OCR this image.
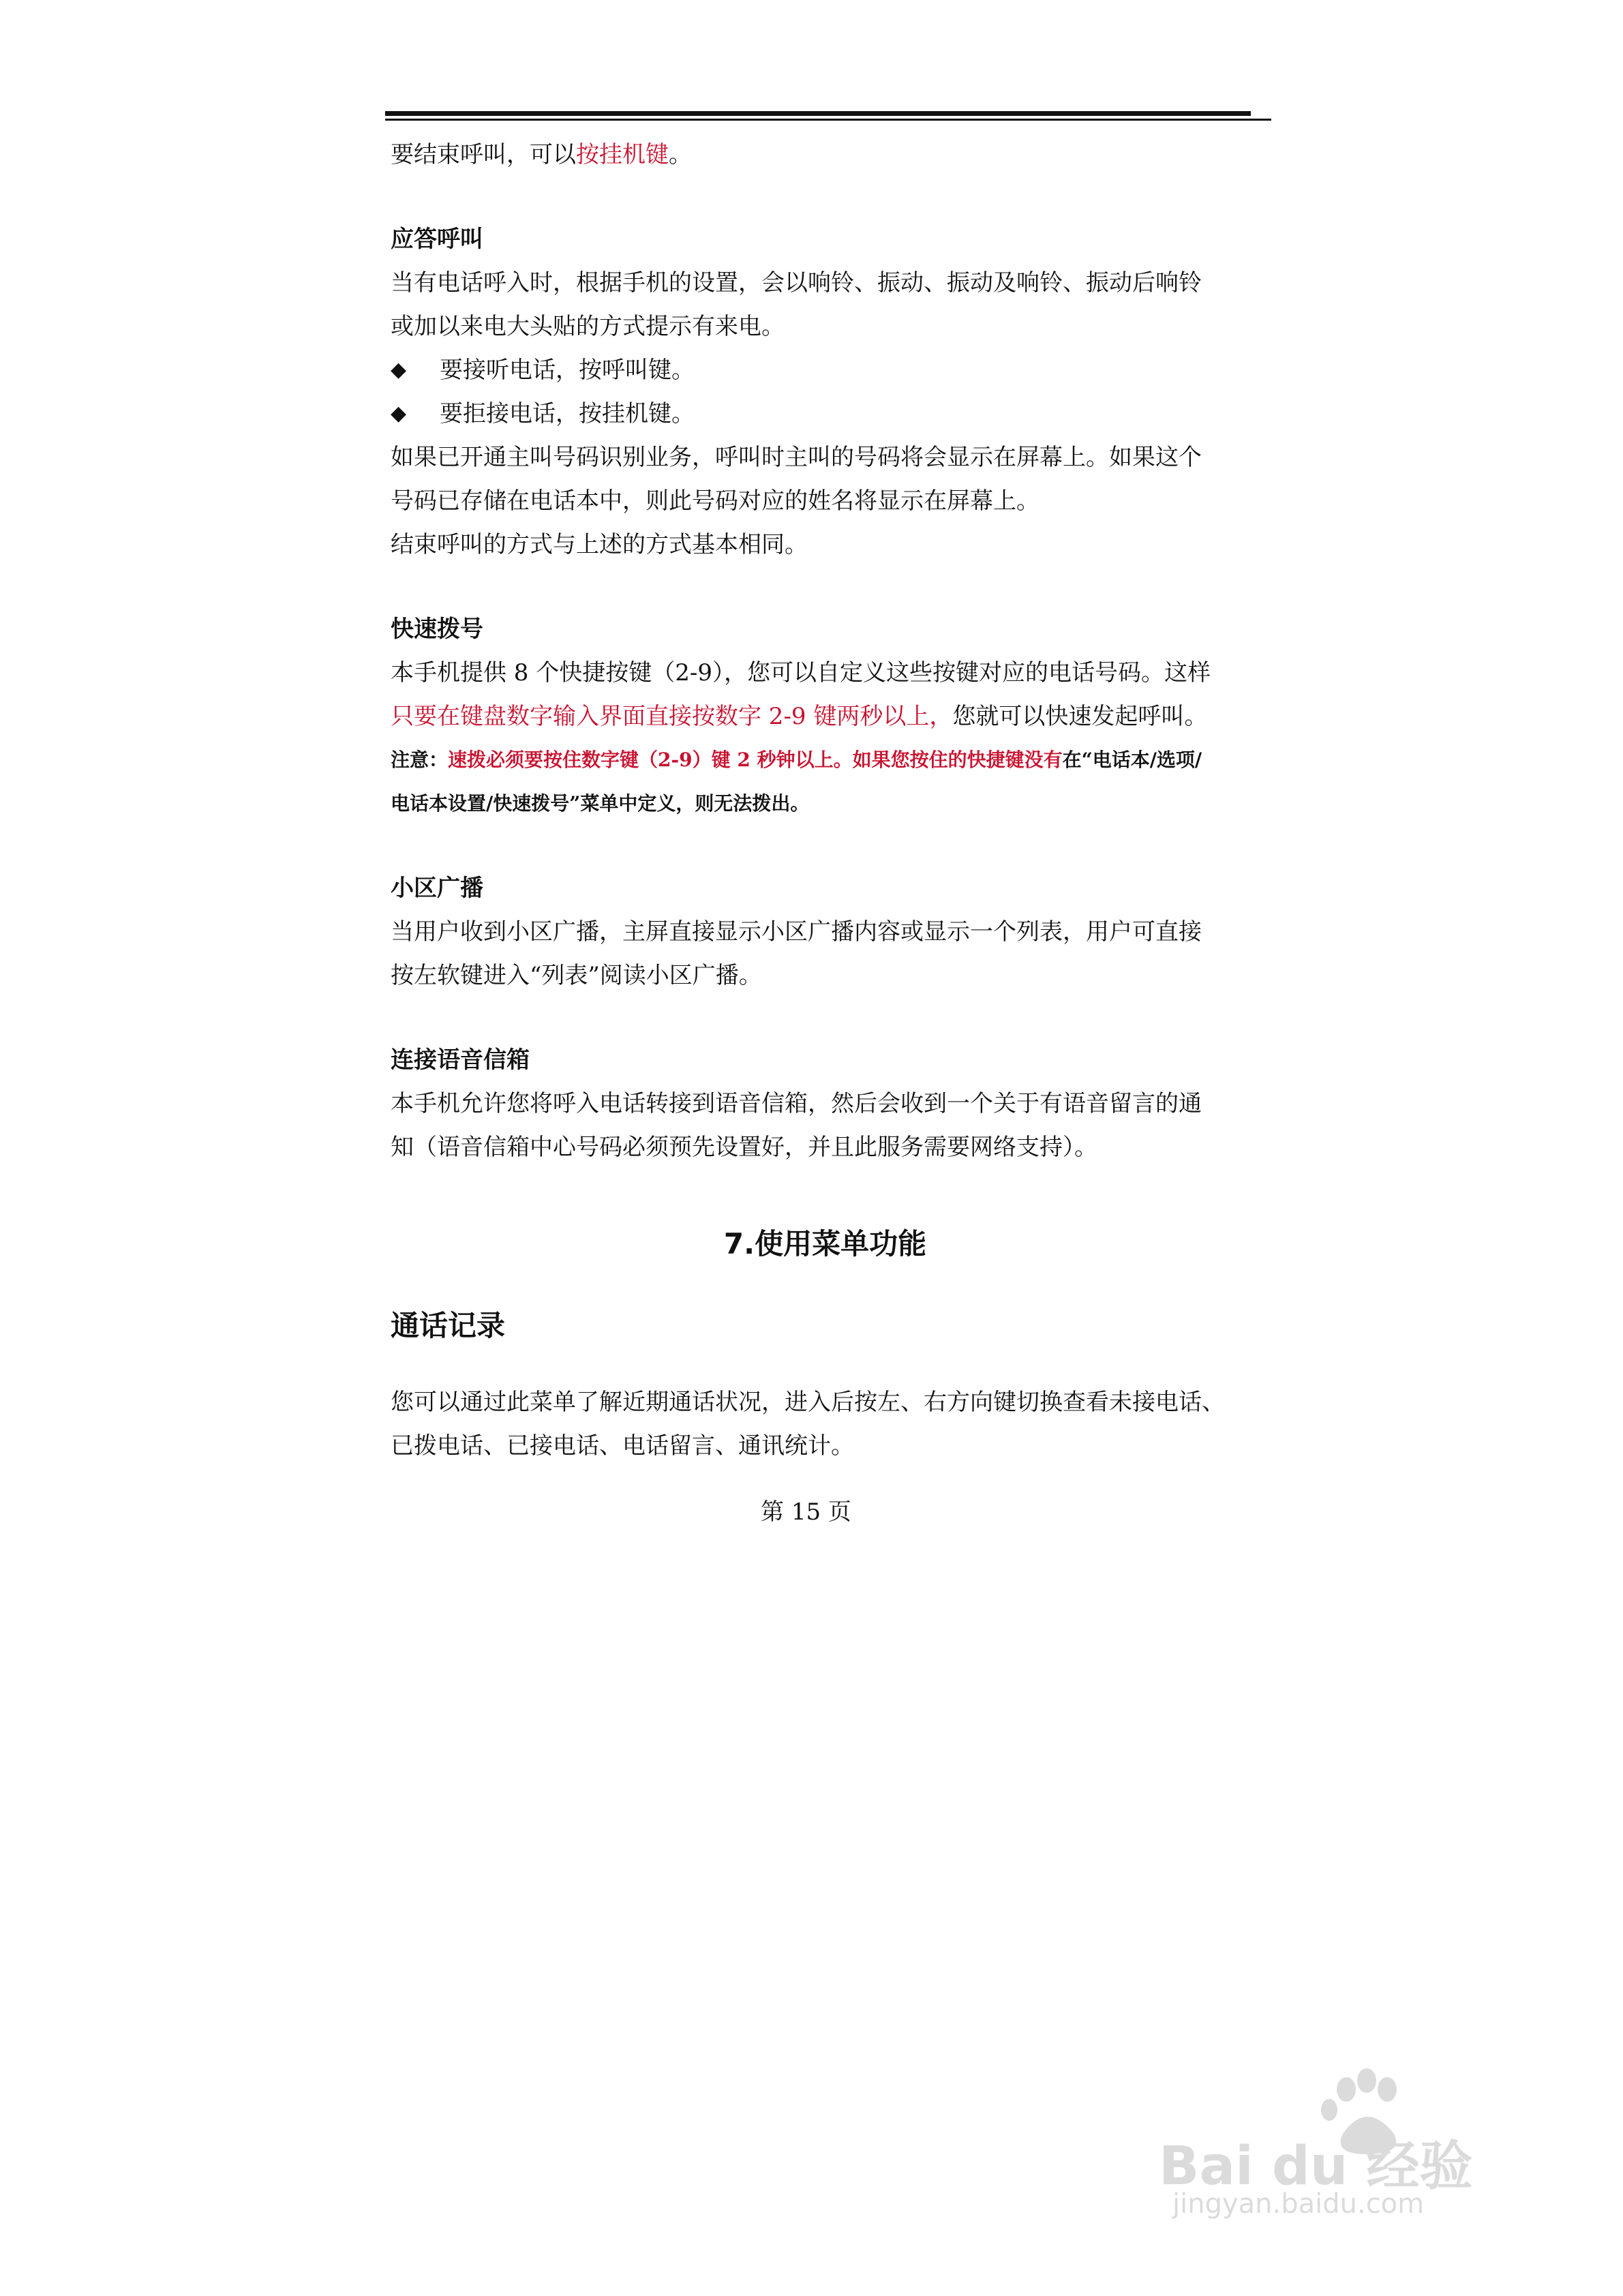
要结束呼叫，可以按挂机键。

应答呼叫

当有电话呼入时，根据手机的设置，会以响铃、振动、振动及响铃、振动后响铃

或加以来电大头贴的方式提示有来电。

◆	要接听电话，按呼叫键。
◆	要拒接电话，按挂机键。

如果已开通主叫号码识别业务，呼叫时主叫的号码将会显示在屏幕上。如果这个

号码已存储在电话本中，则此号码对应的姓名将显示在屏幕上。

结束呼叫的方式与上述的方式基本相同。

快速拨号

本手机提供 8 个快捷按键（2-9），您可以自定义这些按键对应的电话号码。这样

只要在键盘数字输入界面直接按数字 2-9 键两秒以上，您就可以快速发起呼叫。

注意：速拨必须要按住数字键（2-9）键 2 秒钟以上。如果您按住的快捷键没有在“电话本/选项/

电话本设置/快速拨号”菜单中定义，则无法拨出。

小区广播

当用户收到小区广播，主屏直接显示小区广播内容或显示一个列表，用户可直接

按左软键进入“列表”阅读小区广播。

连接语音信箱

本手机允许您将呼入电话转接到语音信箱，然后会收到一个关于有语音留言的通

知（语音信箱中心号码必须预先设置好，并且此服务需要网络支持）。

7.使用菜单功能
通话记录

您可以通过此菜单了解近期通话状况，进入后按左、右方向键切换查看未接电话、

已拨电话、已接电话、电话留言、通讯统计。

第 15 页
Bai du 经验
jingyan.baidu.com
